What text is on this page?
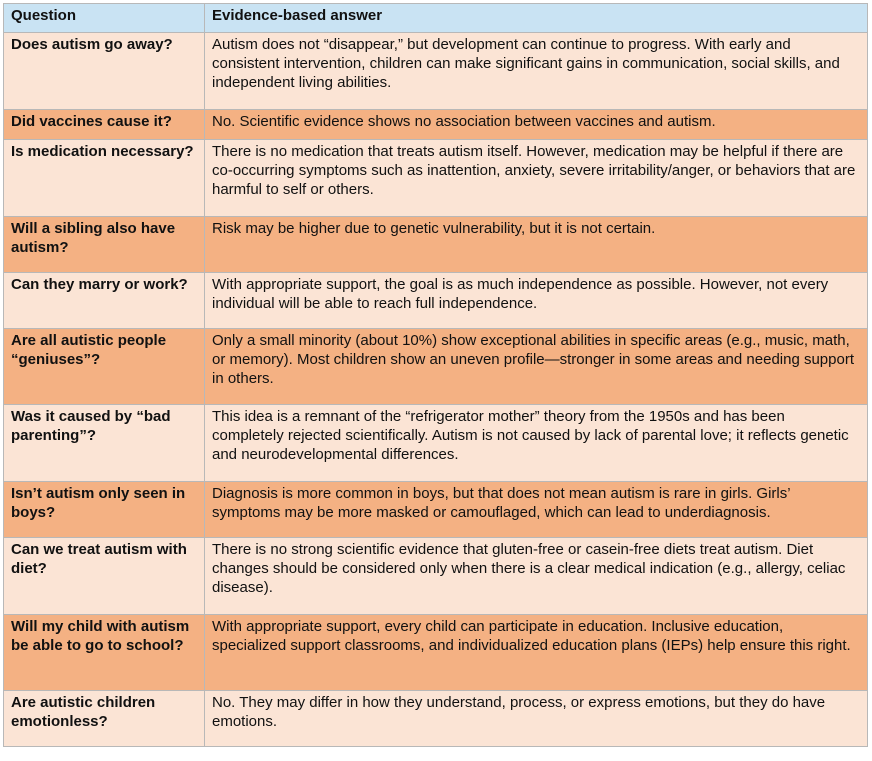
Question	Evidence-based answer
Does autism go away?	Autism does not “disappear,” but development can continue to progress. With early and consistent intervention, children can make significant gains in communication, social skills, and independent living abilities.
Did vaccines cause it?	No. Scientific evidence shows no association between vaccines and autism.
Is medication necessary?	There is no medication that treats autism itself. However, medication may be helpful if there are co-occurring symptoms such as inattention, anxiety, severe irritability/anger, or behaviors that are harmful to self or others.
Will a sibling also have autism?	Risk may be higher due to genetic vulnerability, but it is not certain.
Can they marry or work?	With appropriate support, the goal is as much independence as possible. However, not every individual will be able to reach full independence.
Are all autistic people “geniuses”?	Only a small minority (about 10%) show exceptional abilities in specific areas (e.g., music, math, or memory). Most children show an uneven profile—stronger in some areas and needing support in others.
Was it caused by “bad parenting”?	This idea is a remnant of the “refrigerator mother” theory from the 1950s and has been completely rejected scientifically. Autism is not caused by lack of parental love; it reflects genetic and neurodevelopmental differences.
Isn’t autism only seen in boys?	Diagnosis is more common in boys, but that does not mean autism is rare in girls. Girls’ symptoms may be more masked or camouflaged, which can lead to underdiagnosis.
Can we treat autism with diet?	There is no strong scientific evidence that gluten-free or casein-free diets treat autism. Diet changes should be considered only when there is a clear medical indication (e.g., allergy, celiac disease).
Will my child with autism be able to go to school?	With appropriate support, every child can participate in education. Inclusive education, specialized support classrooms, and individualized education plans (IEPs) help ensure this right.
Are autistic children emotionless?	No. They may differ in how they understand, process, or express emotions, but they do have emotions.
